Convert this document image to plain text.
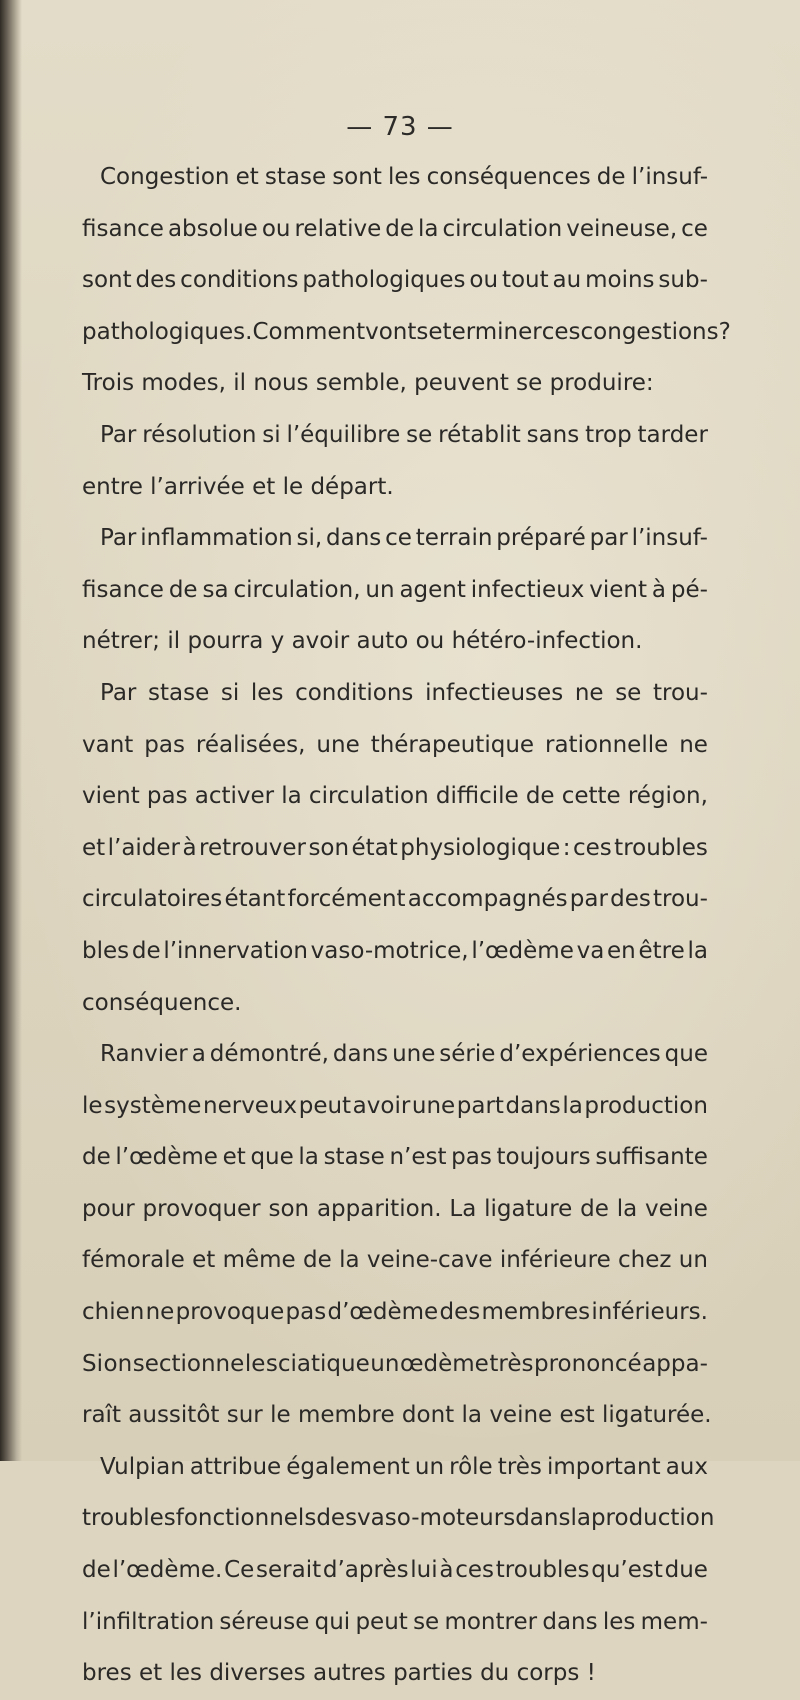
— 73 —
Congestion et stase sont les conséquences de l’insuf-
fisance absolue ou relative de la circulation veineuse, ce
sont des conditions pathologiques ou tout au moins sub-
pathologiques. Comment vont se terminer ces congestions?
Trois
modes,
il
nous
semble,
peuvent
se
produire:
Par résolution si l’équilibre se rétablit sans trop tarder
entre
l’arrivée
et
le
départ.
Par inflammation si, dans ce terrain préparé par l’insuf-
fisance de sa circulation, un agent infectieux vient à pé-
nétrer;
il
pourra
y
avoir
auto
ou
hétéro-infection.
Par stase si les conditions infectieuses ne se trou-
vant pas réalisées, une thérapeutique rationnelle ne
vient pas activer la circulation difficile de cette région,
et l’aider à retrouver son état physiologique : ces troubles
circulatoires étant forcément accompagnés par des trou-
bles de l’innervation vaso-motrice, l’œdème va en être la
conséquence.
Ranvier a démontré, dans une série d’expériences que
le système nerveux peut avoir une part dans la production
de l’œdème et que la stase n’est pas toujours suffisante
pour provoquer son apparition. La ligature de la veine
fémorale et même de la veine-cave inférieure chez un
chien ne provoque pas d’œdème des membres inférieurs.
Si on sectionne le sciatique un œdème très prononcé appa-
raît
aussitôt
sur
le
membre
dont
la
veine
est
ligaturée.
Vulpian attribue également un rôle très important aux
troubles fonctionnels des vaso-moteurs dans la production
de l’œdème. Ce serait d’après lui à ces troubles qu’est due
l’infiltration séreuse qui peut se montrer dans les mem-
bres
et
les
diverses
autres
parties
du
corps
!
